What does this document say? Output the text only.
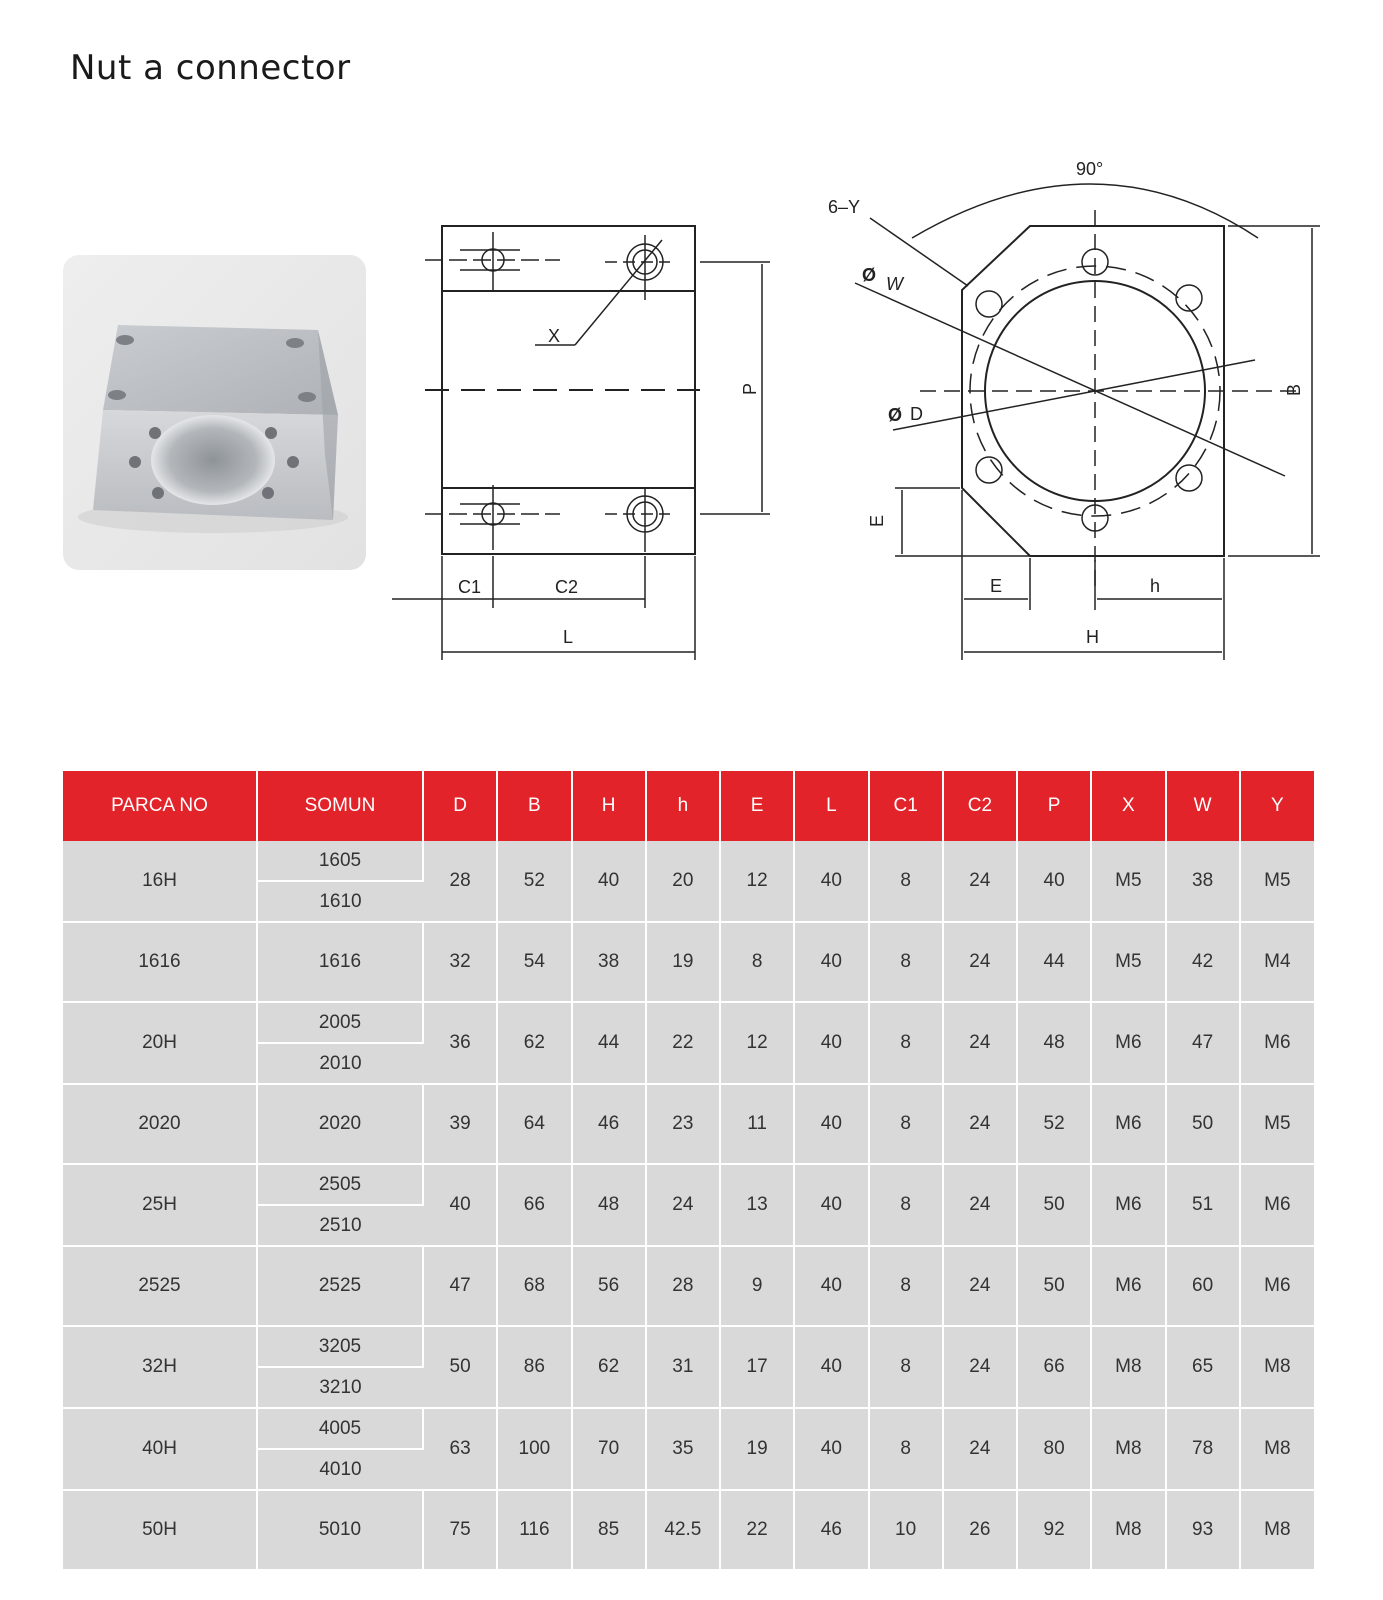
Nut a connector
X
P
C1	C2
L
90°
6–Y
Ø W
Ø D
B
E
E	h
H
PARCA NO	SOMUN	D	B	H	h	E	L	C1	C2	P	X	W	Y
16H	1605	28	52	40	20	12	40	8	24	40	M5	38	M5
	1610												
1616	1616	32	54	38	19	8	40	8	24	44	M5	42	M4
20H	2005	36	62	44	22	12	40	8	24	48	M6	47	M6
	2010												
2020	2020	39	64	46	23	11	40	8	24	52	M6	50	M5
25H	2505	40	66	48	24	13	40	8	24	50	M6	51	M6
	2510												
2525	2525	47	68	56	28	9	40	8	24	50	M6	60	M6
32H	3205	50	86	62	31	17	40	8	24	66	M8	65	M8
	3210												
40H	4005	63	100	70	35	19	40	8	24	80	M8	78	M8
	4010												
50H	5010	75	116	85	42.5	22	46	10	26	92	M8	93	M8
